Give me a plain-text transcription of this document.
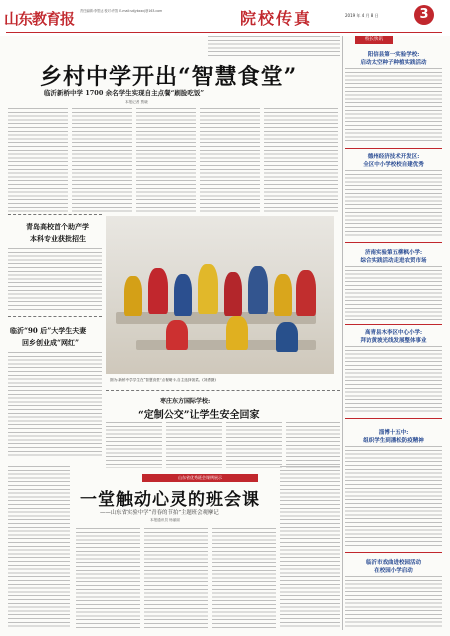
山东教育报 责任编辑:李思达 校对:许智 E-mail:sdjybxxcj@163.com	院校传真	2019 年 4 月 8 日	3
乡村中学开出“智慧食堂”
临沂新桥中学 1700 余名学生实现自主点餐“刷脸吃饭”
本报记者 贾晓
青岛高校首个助产学
本科专业获批招生
临沂“90 后”大学生夫妻
回乡创业成“网红”
图为:新桥中学学生在“智慧食堂”点餐刷卡,自主选择饭菜。(刘勇摄)
枣庄东方国际学校:
“定制公交”让学生安全回家
山东省优秀班会课例展示
一堂触动心灵的班会课
——山东省实验中学“青春的节拍”主题班会观摩记
本报通讯员 杨丽丽
校长快讯
阳信县第一实验学校:
启动太空种子种植实践活动
德州经济技术开发区:
全区中小学校校自建优秀
济南实验第五柳枫小学:
综合实践活动走进农贸市场
高青县木李区中心小学:
拜访黄坡光线发展整体事业
淄博十五中:
组织学生到潘松防疫精神
临沂市戏曲进校园活动
在校园小学启动
